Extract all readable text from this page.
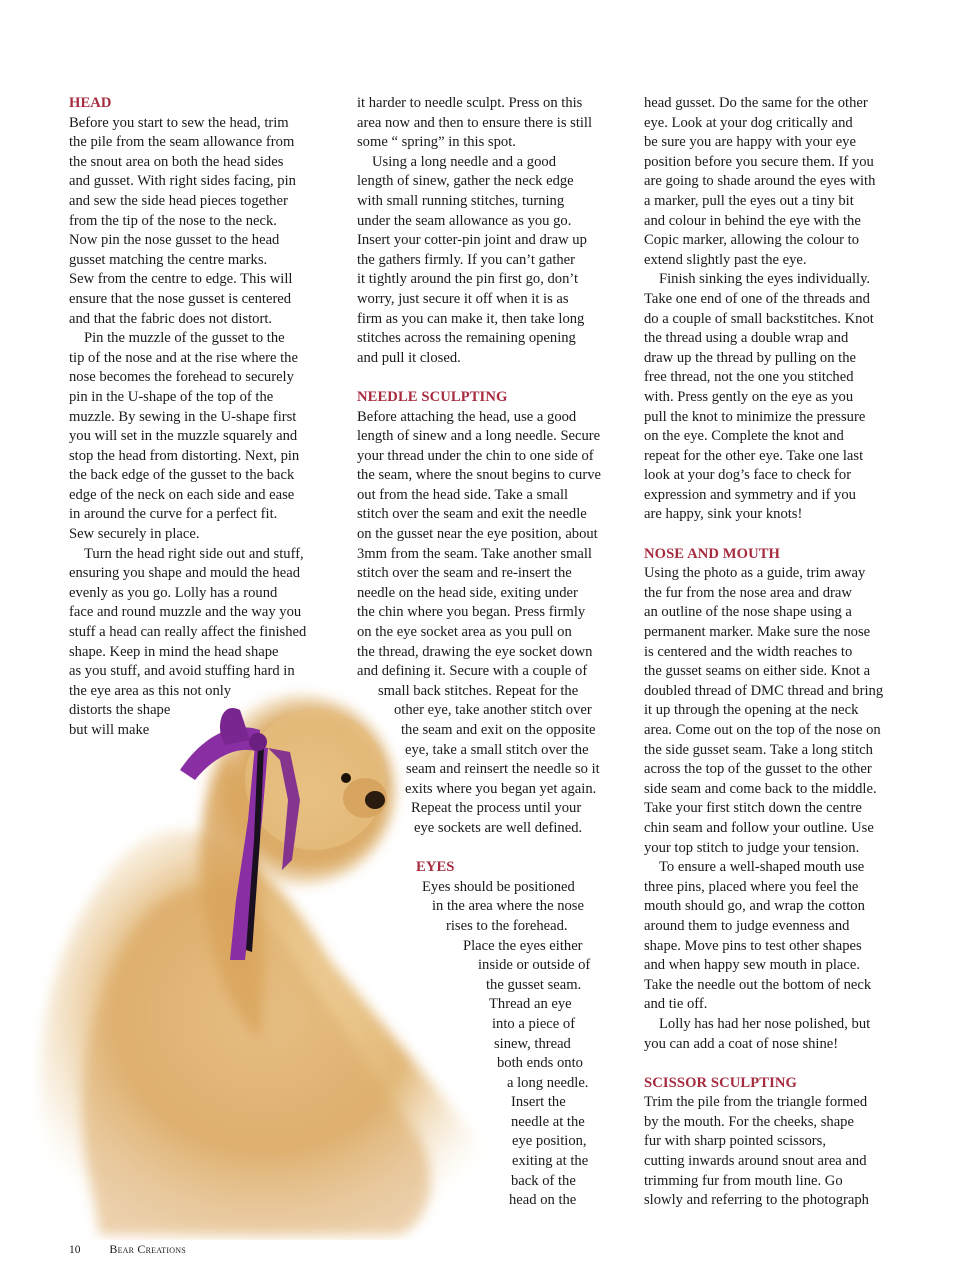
HEAD

Before you start to sew the head, trim
the pile from the seam allowance from
the snout area on both the head sides
and gusset. With right sides facing, pin
and sew the side head pieces together
from the tip of the nose to the neck.
Now pin the nose gusset to the head
gusset matching the centre marks.
Sew from the centre to edge. This will
ensure that the nose gusset is centered
and that the fabric does not distort.

Pin the muzzle of the gusset to the
tip of the nose and at the rise where the
nose becomes the forehead to securely
pin in the U-shape of the top of the
muzzle. By sewing in the U-shape first
you will set in the muzzle squarely and
stop the head from distorting. Next, pin
the back edge of the gusset to the back
edge of the neck on each side and ease
in around the curve for a perfect fit.
Sew securely in place.

Turn the head right side out and stuff,
ensuring you shape and mould the head
evenly as you go. Lolly has a round
face and round muzzle and the way you
stuff a head can really affect the finished
shape. Keep in mind the head shape
as you stuff, and avoid stuffing hard in
the eye area as this not only
distorts the shape
but will make

it harder to needle sculpt. Press on this
area now and then to ensure there is still
some “ spring” in this spot.

Using a long needle and a good
length of sinew, gather the neck edge
with small running stitches, turning
under the seam allowance as you go.
Insert your cotter-pin joint and draw up
the gathers firmly. If you can’t gather
it tightly around the pin first go, don’t
worry, just secure it off when it is as
firm as you can make it, then take long
stitches across the remaining opening
and pull it closed.

NEEDLE SCULPTING

Before attaching the head, use a good
length of sinew and a long needle. Secure
your thread under the chin to one side of
the seam, where the snout begins to curve
out from the head side. Take a small
stitch over the seam and exit the needle
on the gusset near the eye position, about
3mm from the seam. Take another small
stitch over the seam and re-insert the
needle on the head side, exiting under
the chin where you began. Press firmly
on the eye socket area as you pull on
the thread, drawing the eye socket down
and defining it. Secure with a couple of
small back stitches. Repeat for the
other eye, take another stitch over
the seam and exit on the opposite
eye, take a small stitch over the
seam and reinsert the needle so it
exits where you began yet again.
Repeat the process until your
eye sockets are well defined.

EYES

Eyes should be positioned
in the area where the nose
rises to the forehead.
Place the eyes either
inside or outside of
the gusset seam.
Thread an eye
into a piece of
sinew, thread
both ends onto
a long needle.
Insert the
needle at the
eye position,
exiting at the
back of the
head on the

head gusset. Do the same for the other
eye. Look at your dog critically and
be sure you are happy with your eye
position before you secure them. If you
are going to shade around the eyes with
a marker, pull the eyes out a tiny bit
and colour in behind the eye with the
Copic marker, allowing the colour to
extend slightly past the eye.

Finish sinking the eyes individually.
Take one end of one of the threads and
do a couple of small backstitches. Knot
the thread using a double wrap and
draw up the thread by pulling on the
free thread, not the one you stitched
with. Press gently on the eye as you
pull the knot to minimize the pressure
on the eye. Complete the knot and
repeat for the other eye. Take one last
look at your dog’s face to check for
expression and symmetry and if you
are happy, sink your knots!

NOSE AND MOUTH

Using the photo as a guide, trim away
the fur from the nose area and draw
an outline of the nose shape using a
permanent marker. Make sure the nose
is centered and the width reaches to
the gusset seams on either side. Knot a
doubled thread of DMC thread and bring
it up through the opening at the neck
area. Come out on the top of the nose on
the side gusset seam. Take a long stitch
across the top of the gusset to the other
side seam and come back to the middle.
Take your first stitch down the centre
chin seam and follow your outline. Use
your top stitch to judge your tension.

To ensure a well-shaped mouth use
three pins, placed where you feel the
mouth should go, and wrap the cotton
around them to judge evenness and
shape. Move pins to test other shapes
and when happy sew mouth in place.
Take the needle out the bottom of neck
and tie off.

Lolly has had her nose polished, but
you can add a coat of nose shine!

SCISSOR SCULPTING

Trim the pile from the triangle formed
by the mouth. For the cheeks, shape
fur with sharp pointed scissors,
cutting inwards around snout area and
trimming fur from mouth line. Go
slowly and referring to the photograph

10 Bear Creations
